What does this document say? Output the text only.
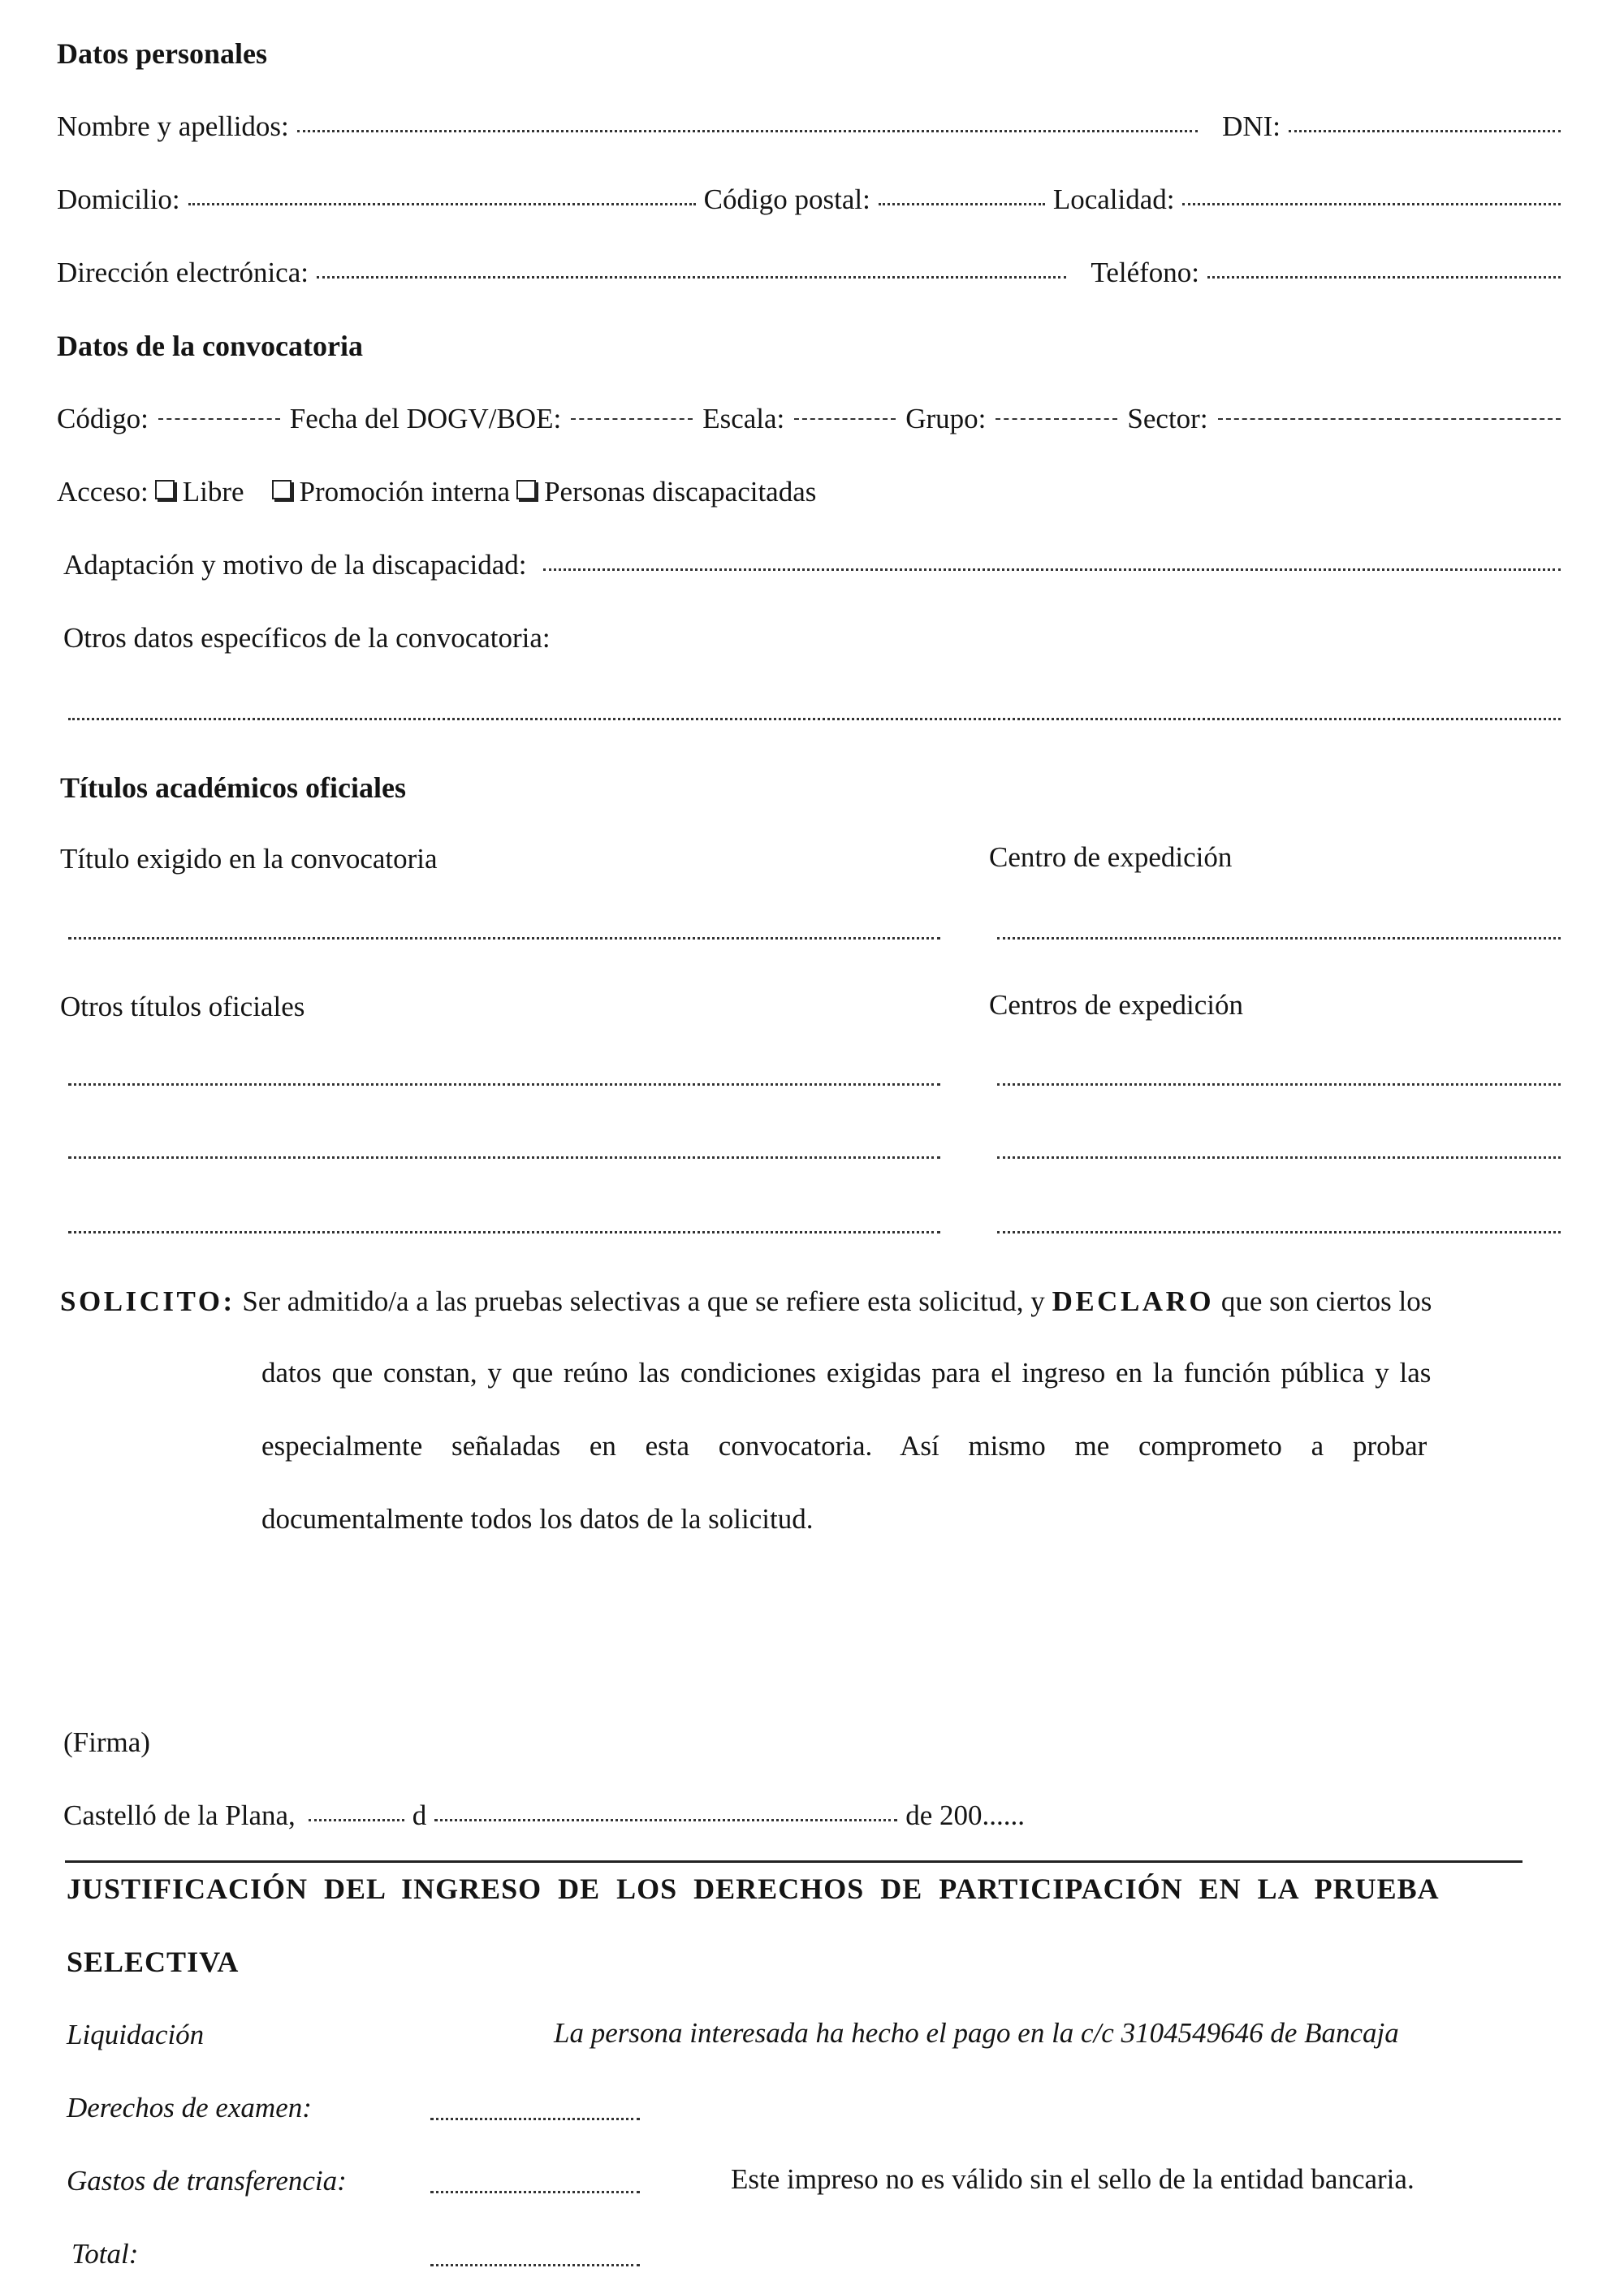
Datos personales
Nombre y apellidos:	DNI:
Domicilio:	Código postal:	Localidad:
Dirección electrónica:	Teléfono:
Datos de la convocatoria
Código:	Fecha del DOGV/BOE:	Escala:	Grupo:	Sector:
Acceso: Libre Promoción interna Personas discapacitadas
Adaptación y motivo de la discapacidad:
Otros datos específicos de la convocatoria:
Títulos académicos oficiales
Título exigido en la convocatoria	Centro de expedición
Otros títulos oficiales	Centros de expedición
SOLICITO: Ser admitido/a a las pruebas selectivas a que se refiere esta solicitud, y DECLARO que son ciertos los
datos que constan, y que reúno las condiciones exigidas para el ingreso en la función pública y las
especialmente señaladas en esta convocatoria. Así mismo me comprometo a probar
documentalmente todos los datos de la solicitud.
(Firma)
Castelló de la Plana,	d	de 200......
JUSTIFICACIÓN DEL INGRESO DE LOS DERECHOS DE PARTICIPACIÓN EN LA PRUEBA
SELECTIVA
Liquidación	La persona interesada ha hecho el pago en la c/c 3104549646 de Bancaja
Derechos de examen:
Gastos de transferencia:	Este impreso no es válido sin el sello de la entidad bancaria.
Total:
